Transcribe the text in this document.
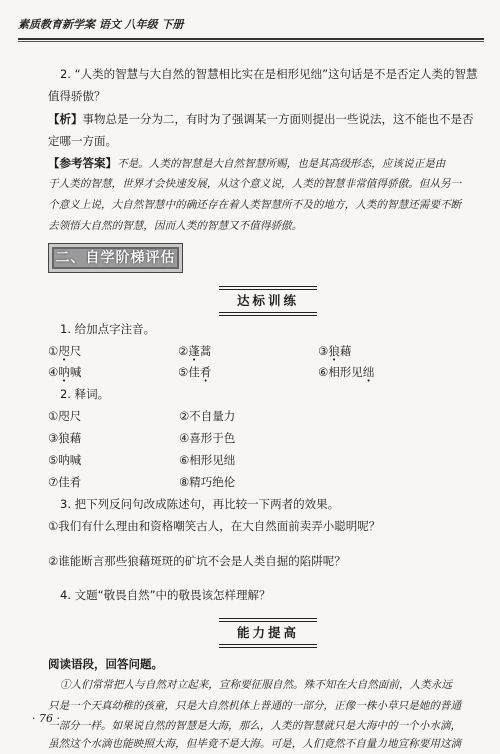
素质教育新学案 语文 八年级 下册
2. “人类的智慧与大自然的智慧相比实在是相形见绌”这句话是不是否定人类的智慧
值得骄傲？
【析】事物总是一分为二，有时为了强调某一方面则提出一些说法，这不能也不是否
定哪一方面。
【参考答案】不是。人类的智慧是大自然智慧所赐，也是其高级形态，应该说正是由
于人类的智慧，世界才会快速发展，从这个意义说，人类的智慧非常值得骄傲。但从另一
个意义上说，大自然智慧中的确还存在着人类智慧所不及的地方，人类的智慧还需要不断
去领悟大自然的智慧，因而人类的智慧又不值得骄傲。
二、自学阶梯评估
达标训练
1. 给加点字注音。
①咫尺	②蓬蒿	③狼藉
④呐喊	⑤佳肴	⑥相形见绌
2. 释词。
①咫尺	②不自量力
③狼藉	④喜形于色
⑤呐喊	⑥相形见绌
⑦佳肴	⑧精巧绝伦
3. 把下列反问句改成陈述句，再比较一下两者的效果。
①我们有什么理由和资格嘲笑古人，在大自然面前卖弄小聪明呢？
②谁能断言那些狼藉斑斑的矿坑不会是人类自掘的陷阱呢？
4. 文题“敬畏自然”中的敬畏该怎样理解？
能力提高
阅读语段，回答问题。
①人们常常把人与自然对立起来，宣称要征服自然。殊不知在大自然面前，人类永远
只是一个天真幼稚的孩童，只是大自然机体上普通的一部分，正像一株小草只是她的普通
一部分一样。如果说自然的智慧是大海，那么，人类的智慧就只是大海中的一个小水滴，
虽然这个水滴也能映照大海，但毕竟不是大海。可是，人们竟然不自量力地宣称要用这滴
· 76 ·
